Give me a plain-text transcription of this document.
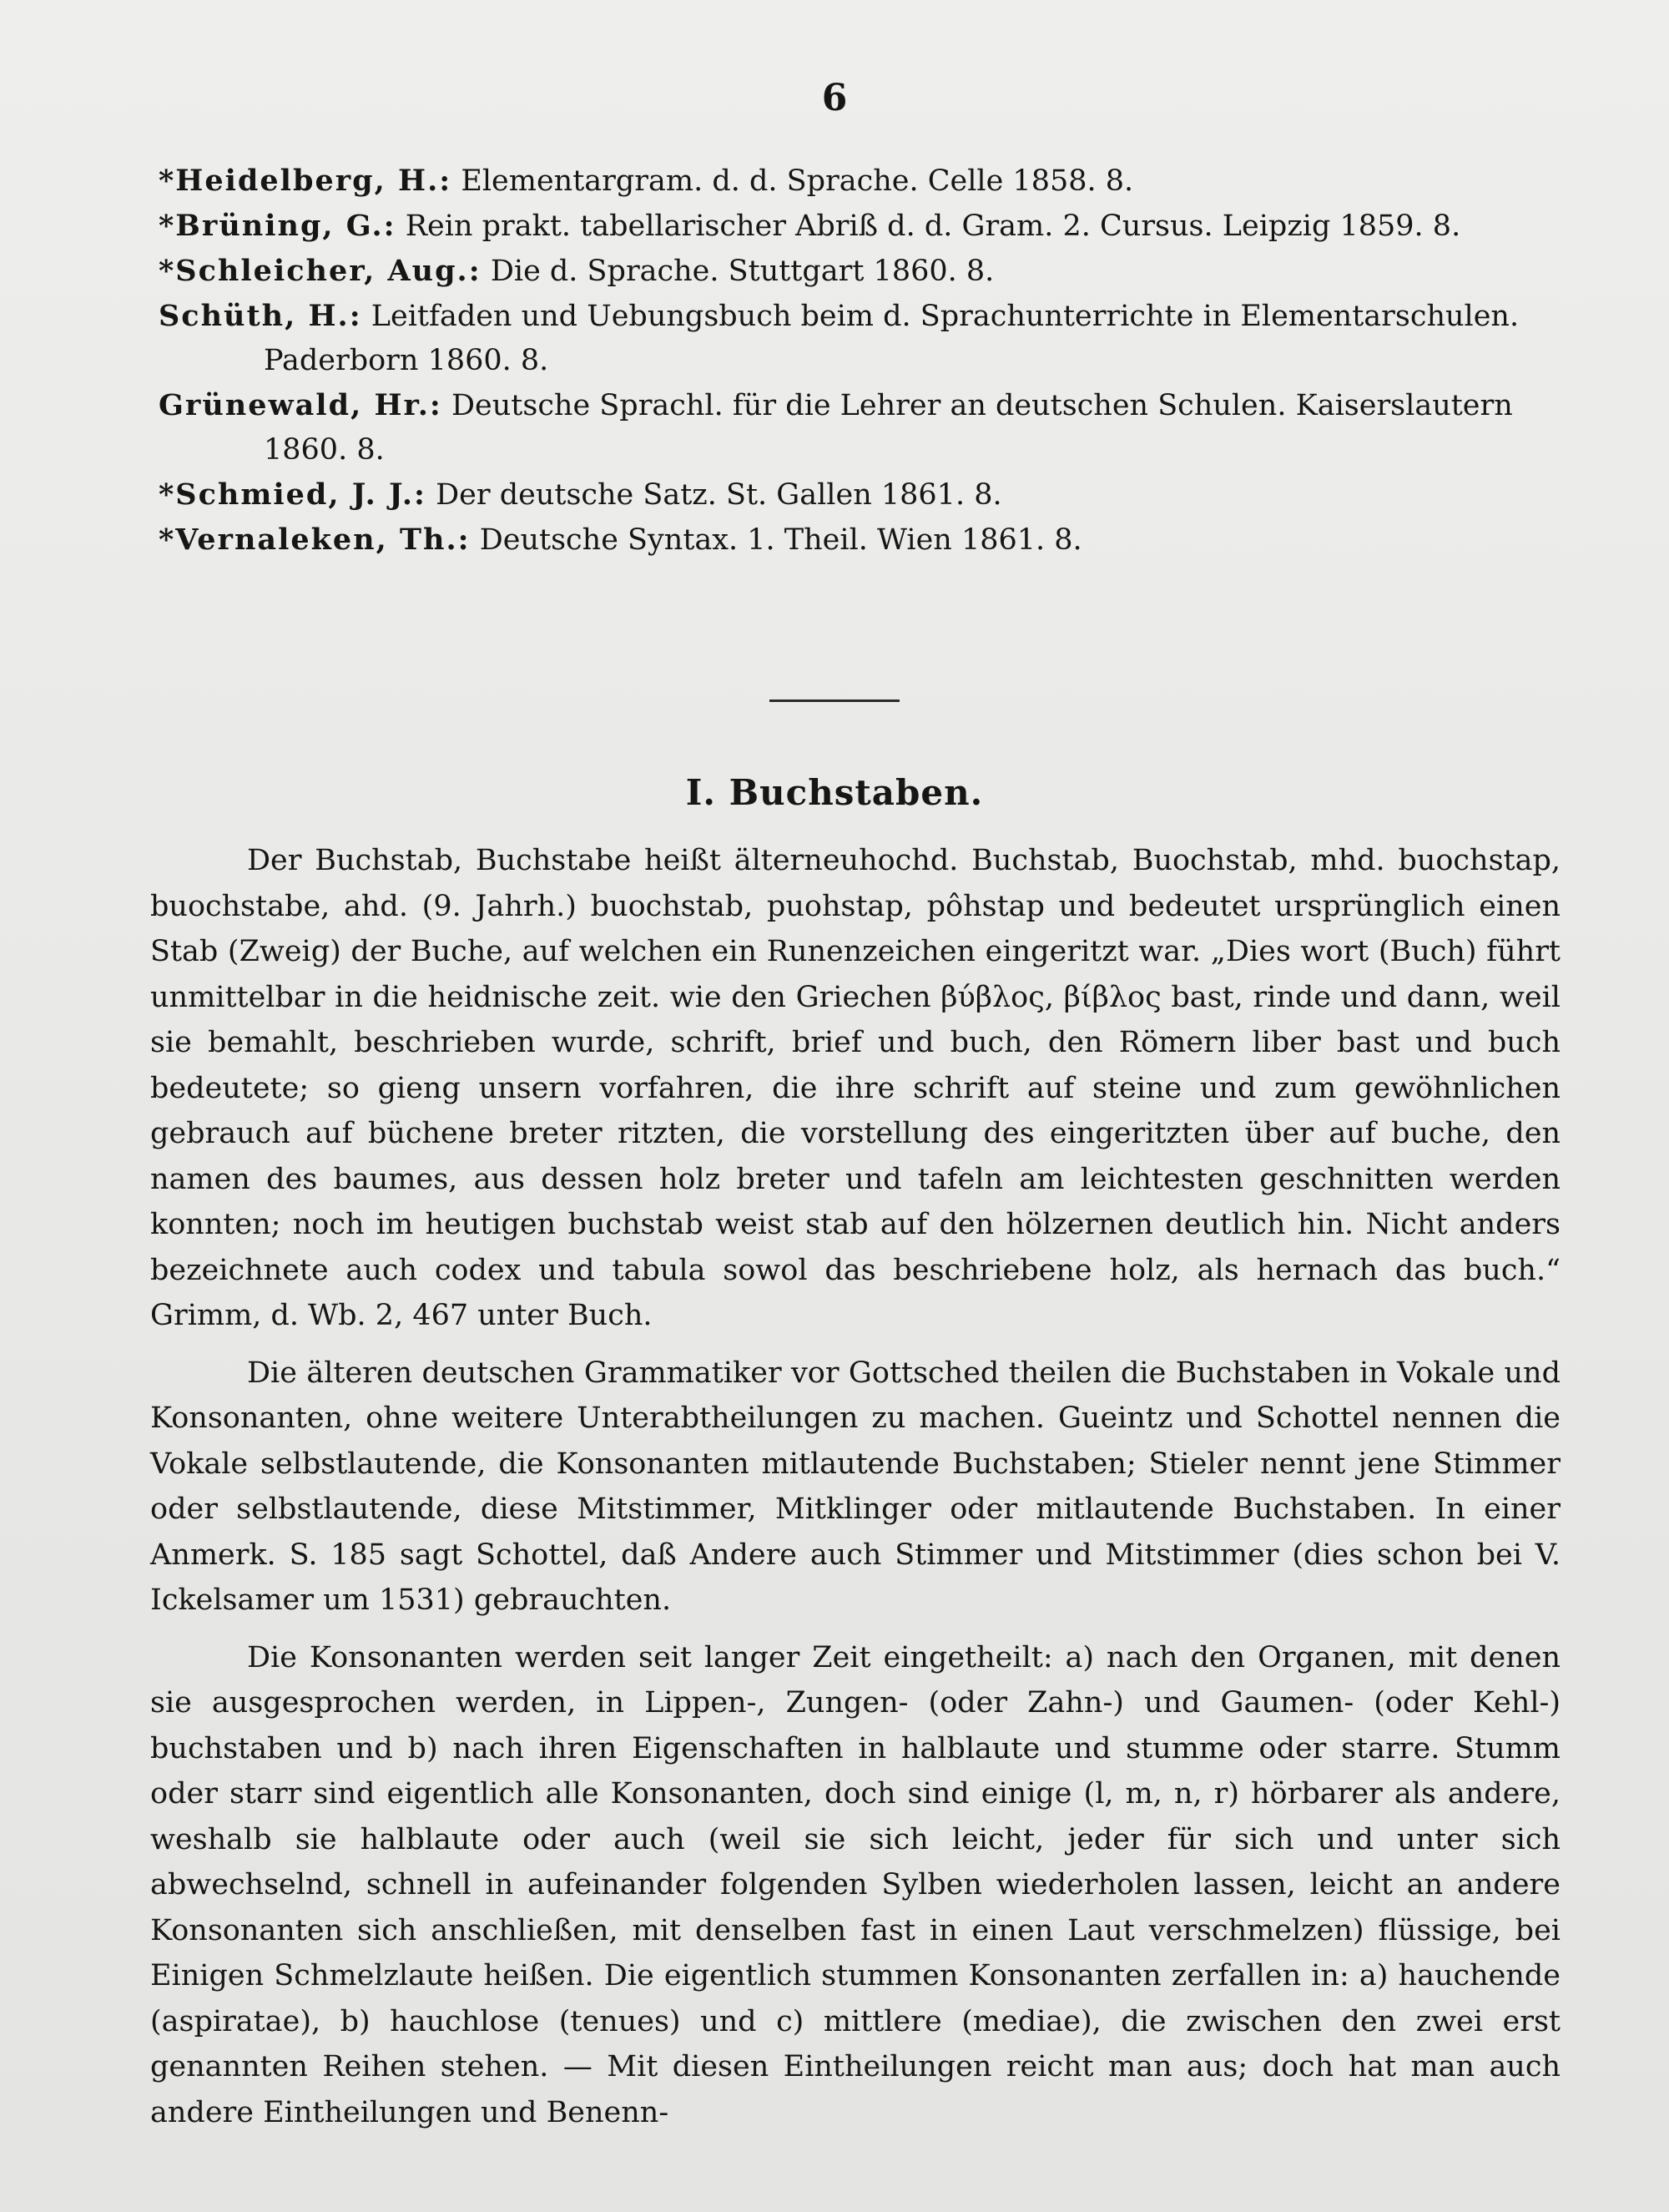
6

*Heidelberg, H.: Elementargram. d. d. Sprache. Celle 1858. 8.
*Brüning, G.: Rein prakt. tabellarischer Abriß d. d. Gram. 2. Cursus. Leipzig 1859. 8.
*Schleicher, Aug.: Die d. Sprache. Stuttgart 1860. 8.
Schüth, H.: Leitfaden und Uebungsbuch beim d. Sprachunterrichte in Elementarschulen. Paderborn 1860. 8.
Grünewald, Hr.: Deutsche Sprachl. für die Lehrer an deutschen Schulen. Kaiserslautern 1860. 8.
*Schmied, J. J.: Der deutsche Satz. St. Gallen 1861. 8.
*Vernaleken, Th.: Deutsche Syntax. 1. Theil. Wien 1861. 8.
I. Buchstaben.

Der Buchstab, Buchstabe heißt älterneuhochd. Buchstab, Buochstab, mhd. buochstap, buochstabe, ahd. (9. Jahrh.) buochstab, puohstap, pôhstap und bedeutet ursprünglich einen Stab (Zweig) der Buche, auf welchen ein Runenzeichen eingeritzt war. „Dies wort (Buch) führt unmittelbar in die heidnische zeit. wie den Griechen βύβλος, βίβλος bast, rinde und dann, weil sie bemahlt, beschrieben wurde, schrift, brief und buch, den Römern liber bast und buch bedeutete; so gieng unsern vorfahren, die ihre schrift auf steine und zum gewöhnlichen gebrauch auf büchene breter ritzten, die vorstellung des eingeritzten über auf buche, den namen des baumes, aus dessen holz breter und tafeln am leichtesten geschnitten werden konnten; noch im heutigen buchstab weist stab auf den hölzernen deutlich hin. Nicht anders bezeichnete auch codex und tabula sowol das beschriebene holz, als hernach das buch.“ Grimm, d. Wb. 2, 467 unter Buch.

Die älteren deutschen Grammatiker vor Gottsched theilen die Buchstaben in Vokale und Konsonanten, ohne weitere Unterabtheilungen zu machen. Gueintz und Schottel nennen die Vokale selbstlautende, die Konsonanten mitlautende Buchstaben; Stieler nennt jene Stimmer oder selbstlautende, diese Mitstimmer, Mitklinger oder mitlautende Buchstaben. In einer Anmerk. S. 185 sagt Schottel, daß Andere auch Stimmer und Mitstimmer (dies schon bei V. Ickelsamer um 1531) gebrauchten.

Die Konsonanten werden seit langer Zeit eingetheilt: a) nach den Organen, mit denen sie ausgesprochen werden, in Lippen-, Zungen- (oder Zahn-) und Gaumen- (oder Kehl-) buchstaben und b) nach ihren Eigenschaften in halblaute und stumme oder starre. Stumm oder starr sind eigentlich alle Konsonanten, doch sind einige (l, m, n, r) hörbarer als andere, weshalb sie halblaute oder auch (weil sie sich leicht, jeder für sich und unter sich abwechselnd, schnell in aufeinander folgenden Sylben wiederholen lassen, leicht an andere Konsonanten sich anschließen, mit denselben fast in einen Laut verschmelzen) flüssige, bei Einigen Schmelzlaute heißen. Die eigentlich stummen Konsonanten zerfallen in: a) hauchende (aspiratae), b) hauchlose (tenues) und c) mittlere (mediae), die zwischen den zwei erst genannten Reihen stehen. — Mit diesen Eintheilungen reicht man aus; doch hat man auch andere Eintheilungen und Benenn-
